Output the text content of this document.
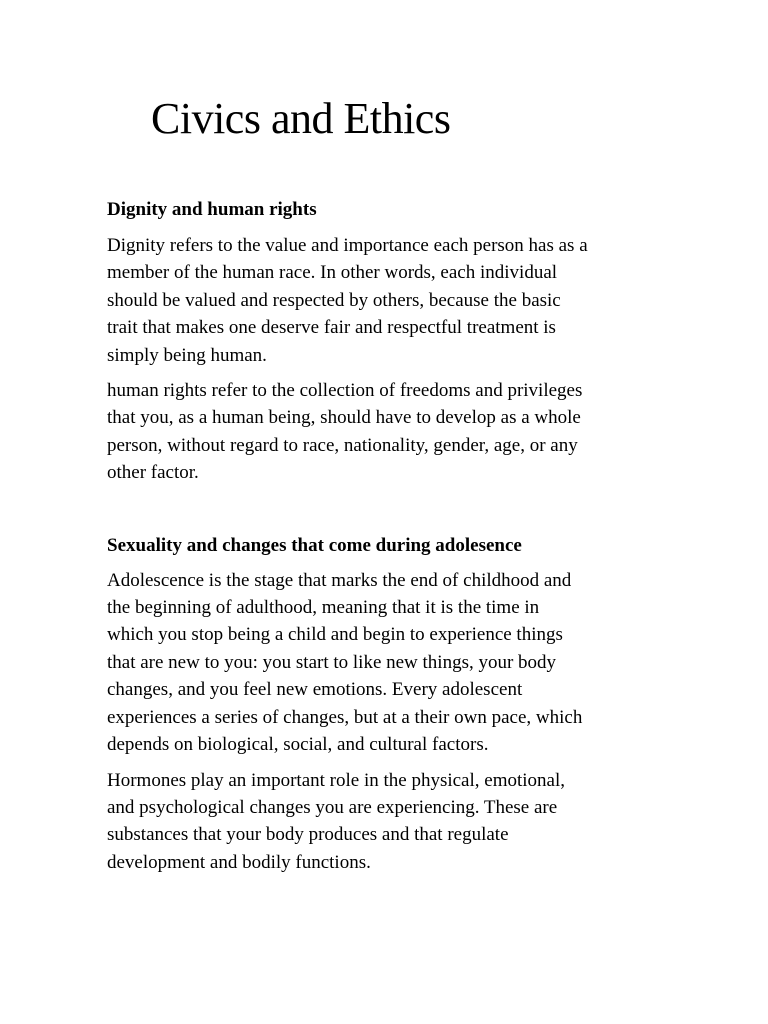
Civics and Ethics
Dignity and human rights

Dignity refers to the value and importance each person has as a
member of the human race. In other words, each individual
should be valued and respected by others, because the basic
trait that makes one deserve fair and respectful treatment is
simply being human.

human rights refer to the collection of freedoms and privileges
that you, as a human being, should have to develop as a whole
person, without regard to race, nationality, gender, age, or any
other factor.

Sexuality and changes that come during adolesence

Adolescence is the stage that marks the end of childhood and
the beginning of adulthood, meaning that it is the time in
which you stop being a child and begin to experience things
that are new to you: you start to like new things, your body
changes, and you feel new emotions. Every adolescent
experiences a series of changes, but at a their own pace, which
depends on biological, social, and cultural factors.

Hormones play an important role in the physical, emotional,
and psychological changes you are experiencing. These are
substances that your body produces and that regulate
development and bodily functions.
